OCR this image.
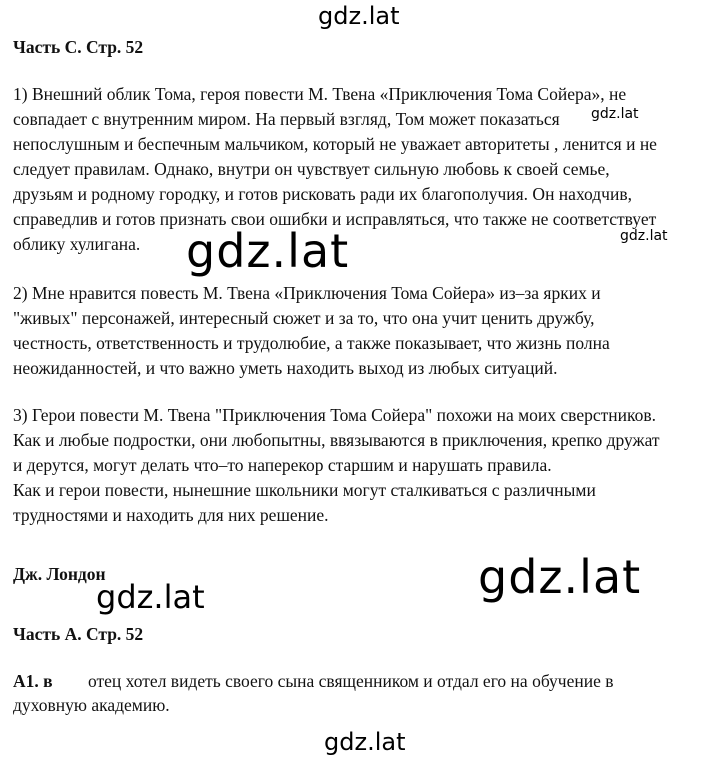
gdz.lat
gdz.lat
gdz.lat
gdz.lat
gdz.lat
gdz.lat
gdz.lat
Часть С. Стр. 52
1) Внешний облик Тома, героя повести М. Твена «Приключения Тома Сойера», не
совпадает с внутренним миром. На первый взгляд, Том может показаться
непослушным и беспечным мальчиком, который не уважает авторитеты , ленится и не
следует правилам. Однако, внутри он чувствует сильную любовь к своей семье,
друзьям и родному городку, и готов рисковать ради их благополучия. Он находчив,
справедлив и готов признать свои ошибки и исправляться, что также не соответствует
облику хулигана.
2) Мне нравится повесть М. Твена «Приключения Тома Сойера» из–за ярких и
"живых" персонажей, интересный сюжет и за то, что она учит ценить дружбу,
честность, ответственность и трудолюбие, а также показывает, что жизнь полна
неожиданностей, и что важно уметь находить выход из любых ситуаций.
3) Герои повести М. Твена "Приключения Тома Сойера" похожи на моих сверстников.
Как и любые подростки, они любопытны, ввязываются в приключения, крепко дружат
и дерутся, могут делать что–то наперекор старшим и нарушать правила.
Как и герои повести, нынешние школьники могут сталкиваться с различными
трудностями и находить для них решение.
Дж. Лондон
Часть А. Стр. 52
А1. в отец хотел видеть своего сына священником и отдал его на обучение в
духовную академию.
